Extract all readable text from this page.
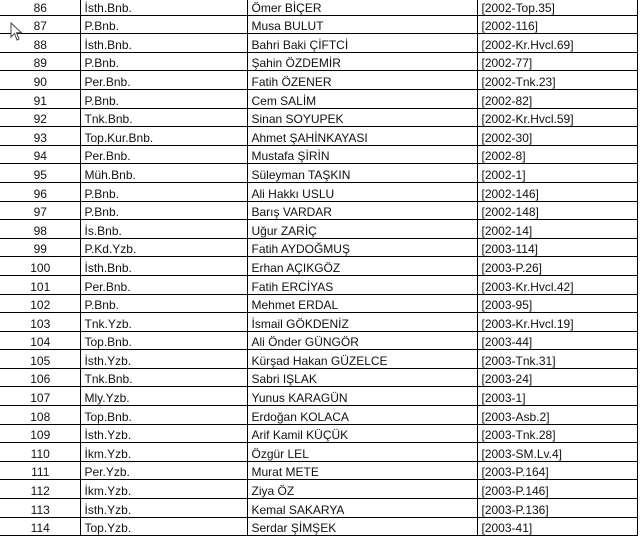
86	İsth.Bnb.	Ömer BİÇER	[2002-Top.35]
87	P.Bnb.	Musa BULUT	[2002-116]
88	İsth.Bnb.	Bahri Baki ÇİFTCİ	[2002-Kr.Hvcl.69]
89	P.Bnb.	Şahin ÖZDEMİR	[2002-77]
90	Per.Bnb.	Fatih ÖZENER	[2002-Tnk.23]
91	P.Bnb.	Cem SALİM	[2002-82]
92	Tnk.Bnb.	Sinan SOYUPEK	[2002-Kr.Hvcl.59]
93	Top.Kur.Bnb.	Ahmet ŞAHİNKAYASI	[2002-30]
94	Per.Bnb.	Mustafa ŞİRİN	[2002-8]
95	Müh.Bnb.	Süleyman TAŞKIN	[2002-1]
96	P.Bnb.	Ali Hakkı USLU	[2002-146]
97	P.Bnb.	Barış VARDAR	[2002-148]
98	İs.Bnb.	Uğur ZARİÇ	[2002-14]
99	P.Kd.Yzb.	Fatih AYDOĞMUŞ	[2003-114]
100	İsth.Bnb.	Erhan AÇIKGÖZ	[2003-P.26]
101	Per.Bnb.	Fatih ERCİYAS	[2003-Kr.Hvcl.42]
102	P.Bnb.	Mehmet ERDAL	[2003-95]
103	Tnk.Yzb.	İsmail GÖKDENİZ	[2003-Kr.Hvcl.19]
104	Top.Bnb.	Ali Önder GÜNGÖR	[2003-44]
105	İsth.Yzb.	Kürşad Hakan GÜZELCE	[2003-Tnk.31]
106	Tnk.Bnb.	Sabri IŞLAK	[2003-24]
107	Mly.Yzb.	Yunus KARAGÜN	[2003-1]
108	Top.Bnb.	Erdoğan KOLACA	[2003-Asb.2]
109	İsth.Yzb.	Arif Kamil KÜÇÜK	[2003-Tnk.28]
110	İkm.Yzb.	Özgür LEL	[2003-SM.Lv.4]
111	Per.Yzb.	Murat METE	[2003-P.164]
112	İkm.Yzb.	Ziya ÖZ	[2003-P.146]
113	İsth.Yzb.	Kemal SAKARYA	[2003-P.136]
114	Top.Yzb.	Serdar ŞİMŞEK	[2003-41]
